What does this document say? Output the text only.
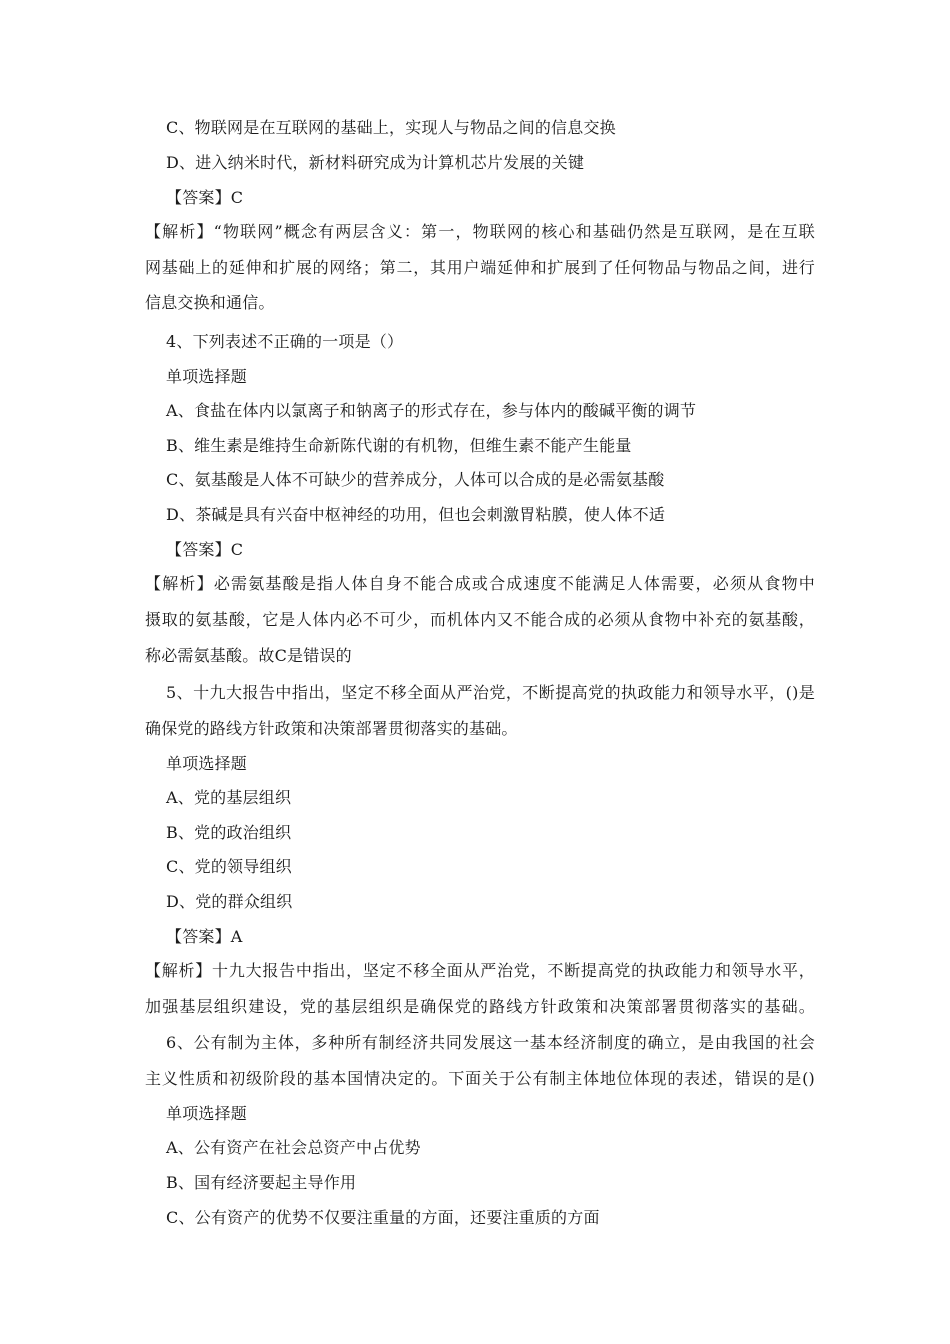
C、物联网是在互联网的基础上，实现人与物品之间的信息交换
D、进入纳米时代，新材料研究成为计算机芯片发展的关键
【答案】C
【解析】“物联网”概念有两层含义：第一，物联网的核心和基础仍然是互联网，是在互联
网基础上的延伸和扩展的网络；第二，其用户端延伸和扩展到了任何物品与物品之间，进行
信息交换和通信。
4、下列表述不正确的一项是（）
单项选择题
A、食盐在体内以氯离子和钠离子的形式存在，参与体内的酸碱平衡的调节
B、维生素是维持生命新陈代谢的有机物，但维生素不能产生能量
C、氨基酸是人体不可缺少的营养成分，人体可以合成的是必需氨基酸
D、茶碱是具有兴奋中枢神经的功用，但也会刺激胃粘膜，使人体不适
【答案】C
【解析】必需氨基酸是指人体自身不能合成或合成速度不能满足人体需要，必须从食物中
摄取的氨基酸，它是人体内必不可少，而机体内又不能合成的必须从食物中补充的氨基酸，
称必需氨基酸。故C是错误的
5、十九大报告中指出，坚定不移全面从严治党，不断提高党的执政能力和领导水平，()是
确保党的路线方针政策和决策部署贯彻落实的基础。
单项选择题
A、党的基层组织
B、党的政治组织
C、党的领导组织
D、党的群众组织
【答案】A
【解析】十九大报告中指出，坚定不移全面从严治党，不断提高党的执政能力和领导水平，
加强基层组织建设，党的基层组织是确保党的路线方针政策和决策部署贯彻落实的基础。
6、公有制为主体，多种所有制经济共同发展这一基本经济制度的确立，是由我国的社会
主义性质和初级阶段的基本国情决定的。下面关于公有制主体地位体现的表述，错误的是()
单项选择题
A、公有资产在社会总资产中占优势
B、国有经济要起主导作用
C、公有资产的优势不仅要注重量的方面，还要注重质的方面
